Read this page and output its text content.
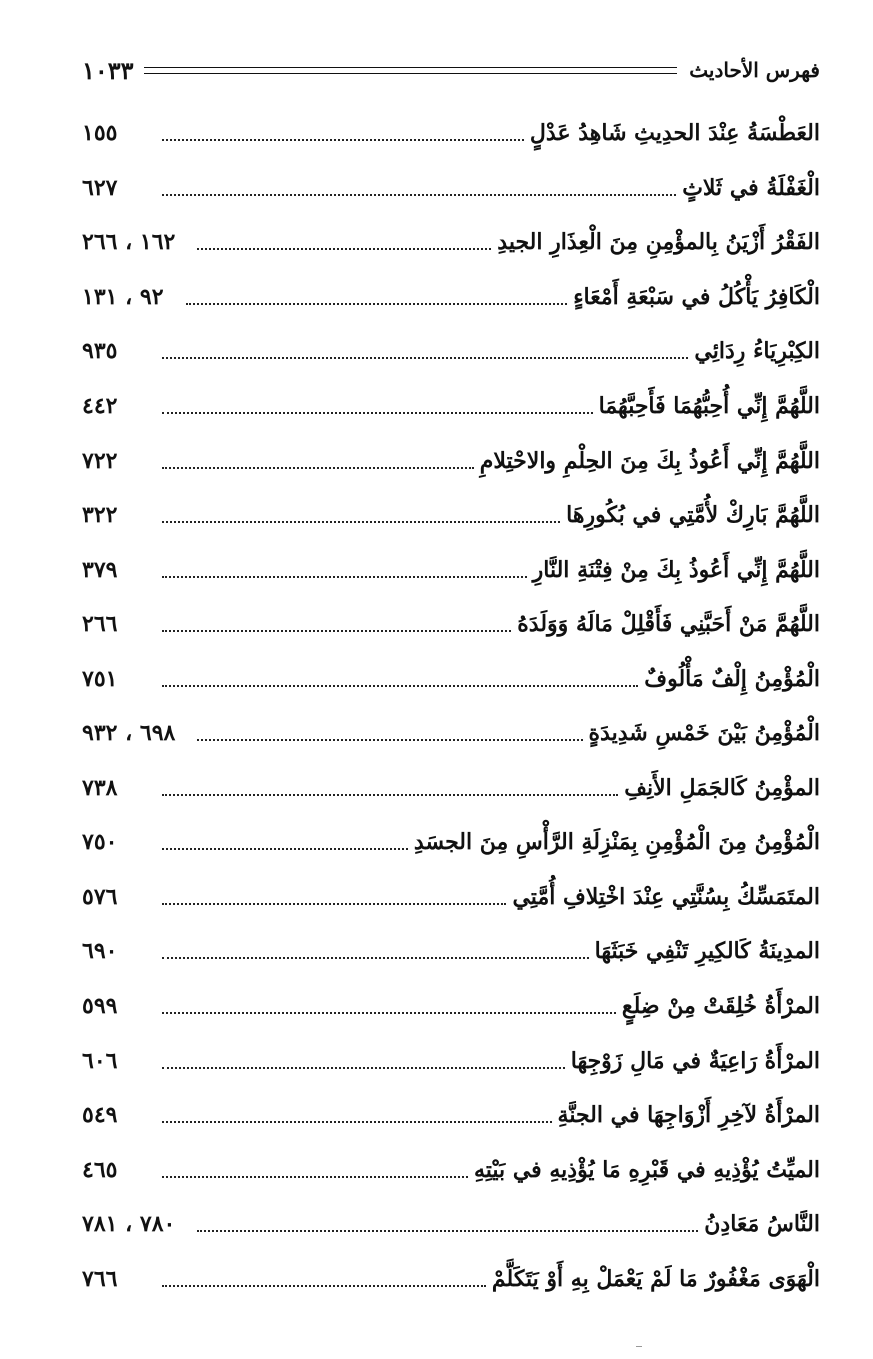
فهرس الأحاديث
١٠٣٣
العَطْسَةُ عِنْدَ الحدِيثِ شَاهِدُ عَدْلٍ
١٥٥
الْغَفْلَةُ في ثَلاثٍ
٦٢٧
الفَقْرُ أَزْيَنُ بِالمؤْمِنِ مِنَ الْعِذَارِ الجيدِ
١٦٢ ، ٢٦٦
الْكَافِرُ يَأْكُلُ في سَبْعَةِ أَمْعَاءٍ
٩٢ ، ١٣١
الكِبْرِيَاءُ رِدَائِي
٩٣٥
اللَّهُمَّ إِنِّي أُحِبُّهُمَا فَأَحِبَّهُمَا
٤٤٢
اللَّهُمَّ إِنِّي أَعُوذُ بِكَ مِنَ الحِلْمِ والاحْتِلامِ
٧٢٢
اللَّهُمَّ بَارِكْ لأُمَّتِي في بُكُورِهَا
٣٢٢
اللَّهُمَّ إِنِّي أَعُوذُ بِكَ مِنْ فِتْنَةِ النَّارِ
٣٧٩
اللَّهُمَّ مَنْ أَحَبَّنِي فَأَقْلِلْ مَالَهُ وَوَلَدَهُ
٢٦٦
الْمُؤْمِنُ إِلْفٌ مَأْلُوفٌ
٧٥١
الْمُؤْمِنُ بَيْنَ خَمْسِ شَدِيدَةٍ
٦٩٨ ، ٩٣٢
المؤْمِنُ كَالجَمَلِ الأَنِفِ
٧٣٨
الْمُؤْمِنُ مِنَ الْمُؤْمِنِ بِمَنْزِلَةِ الرَّأْسِ مِنَ الجسَدِ
٧٥٠
المتَمَسِّكُ بِسُنَّتِي عِنْدَ اخْتِلافِ أُمَّتِي
٥٧٦
المدِينَةُ كَالكِيرِ تَنْفِي خَبَثَهَا
٦٩٠
المرْأَةُ خُلِقَتْ مِنْ ضِلَعٍ
٥٩٩
المرْأَةُ رَاعِيَةٌ في مَالِ زَوْجِهَا
٦٠٦
المرْأَةُ لآخِرِ أَزْوَاجِهَا في الجنَّةِ
٥٤٩
الميِّتُ يُؤْذِيهِ في قَبْرِهِ مَا يُؤْذِيهِ في بَيْتِهِ
٤٦٥
النَّاسُ مَعَادِنُ
٧٨٠ ، ٧٨١
الْهَوَى مَغْفُورٌ مَا لَمْ يَعْمَلْ بِهِ أَوْ يَتَكَلَّمْ
٧٦٦
